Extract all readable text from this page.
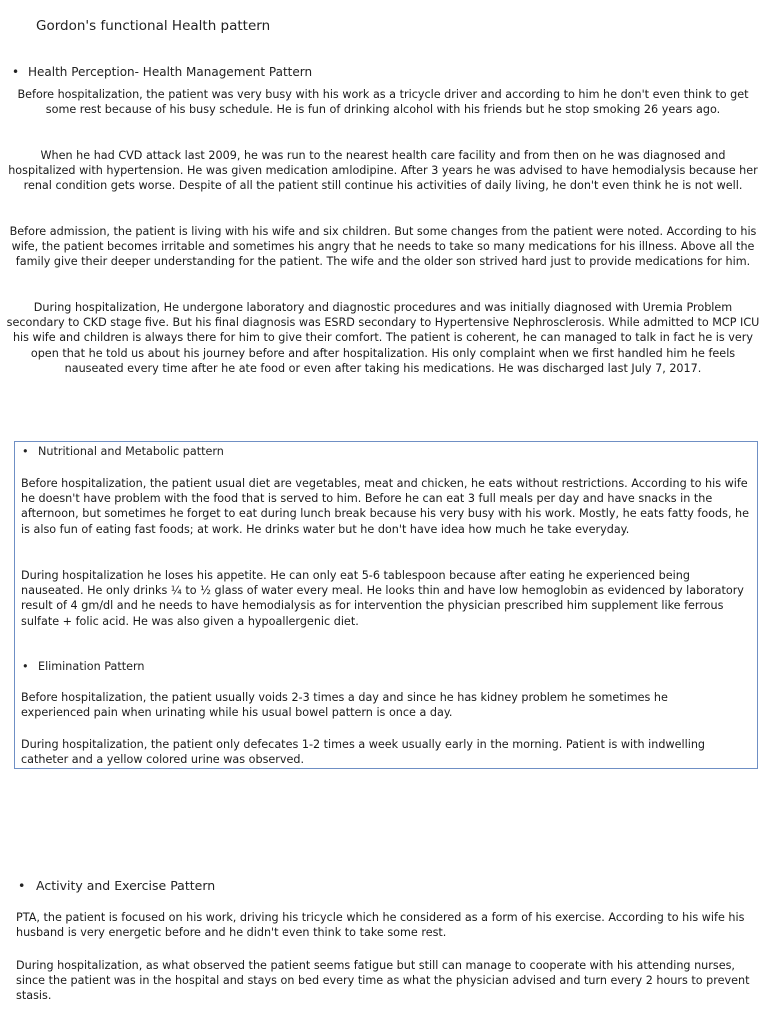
Gordon's functional Health pattern
• Health Perception- Health Management Pattern

Before hospitalization, the patient was very busy with his work as a tricycle driver and according to him he don't even think to get some rest because of his busy schedule. He is fun of drinking alcohol with his friends but he stop smoking 26 years ago.

When he had CVD attack last 2009, he was run to the nearest health care facility and from then on he was diagnosed and hospitalized with hypertension. He was given medication amlodipine. After 3 years he was advised to have hemodialysis because her renal condition gets worse. Despite of all the patient still continue his activities of daily living, he don't even think he is not well.

Before admission, the patient is living with his wife and six children. But some changes from the patient were noted. According to his wife, the patient becomes irritable and sometimes his angry that he needs to take so many medications for his illness. Above all the family give their deeper understanding for the patient. The wife and the older son strived hard just to provide medications for him.

During hospitalization, He undergone laboratory and diagnostic procedures and was initially diagnosed with Uremia Problem secondary to CKD stage five. But his final diagnosis was ESRD secondary to Hypertensive Nephrosclerosis. While admitted to MCP ICU his wife and children is always there for him to give their comfort. The patient is coherent, he can managed to talk in fact he is very open that he told us about his journey before and after hospitalization. His only complaint when we first handled him he feels nauseated every time after he ate food or even after taking his medications. He was discharged last July 7, 2017.

• Nutritional and Metabolic pattern

Before hospitalization, the patient usual diet are vegetables, meat and chicken, he eats without restrictions. According to his wife he doesn't have problem with the food that is served to him. Before he can eat 3 full meals per day and have snacks in the afternoon, but sometimes he forget to eat during lunch break because his very busy with his work. Mostly, he eats fatty foods, he is also fun of eating fast foods; at work. He drinks water but he don't have idea how much he take everyday.

During hospitalization he loses his appetite. He can only eat 5-6 tablespoon because after eating he experienced being nauseated. He only drinks ¼ to ½ glass of water every meal. He looks thin and have low hemoglobin as evidenced by laboratory result of 4 gm/dl and he needs to have hemodialysis as for intervention the physician prescribed him supplement like ferrous sulfate + folic acid. He was also given a hypoallergenic diet.

• Elimination Pattern

Before hospitalization, the patient usually voids 2-3 times a day and since he has kidney problem he sometimes he experienced pain when urinating while his usual bowel pattern is once a day.

During hospitalization, the patient only defecates 1-2 times a week usually early in the morning. Patient is with indwelling catheter and a yellow colored urine was observed.

• Activity and Exercise Pattern

PTA, the patient is focused on his work, driving his tricycle which he considered as a form of his exercise. According to his wife his husband is very energetic before and he didn't even think to take some rest.

During hospitalization, as what observed the patient seems fatigue but still can manage to cooperate with his attending nurses, since the patient was in the hospital and stays on bed every time as what the physician advised and turn every 2 hours to prevent stasis.
